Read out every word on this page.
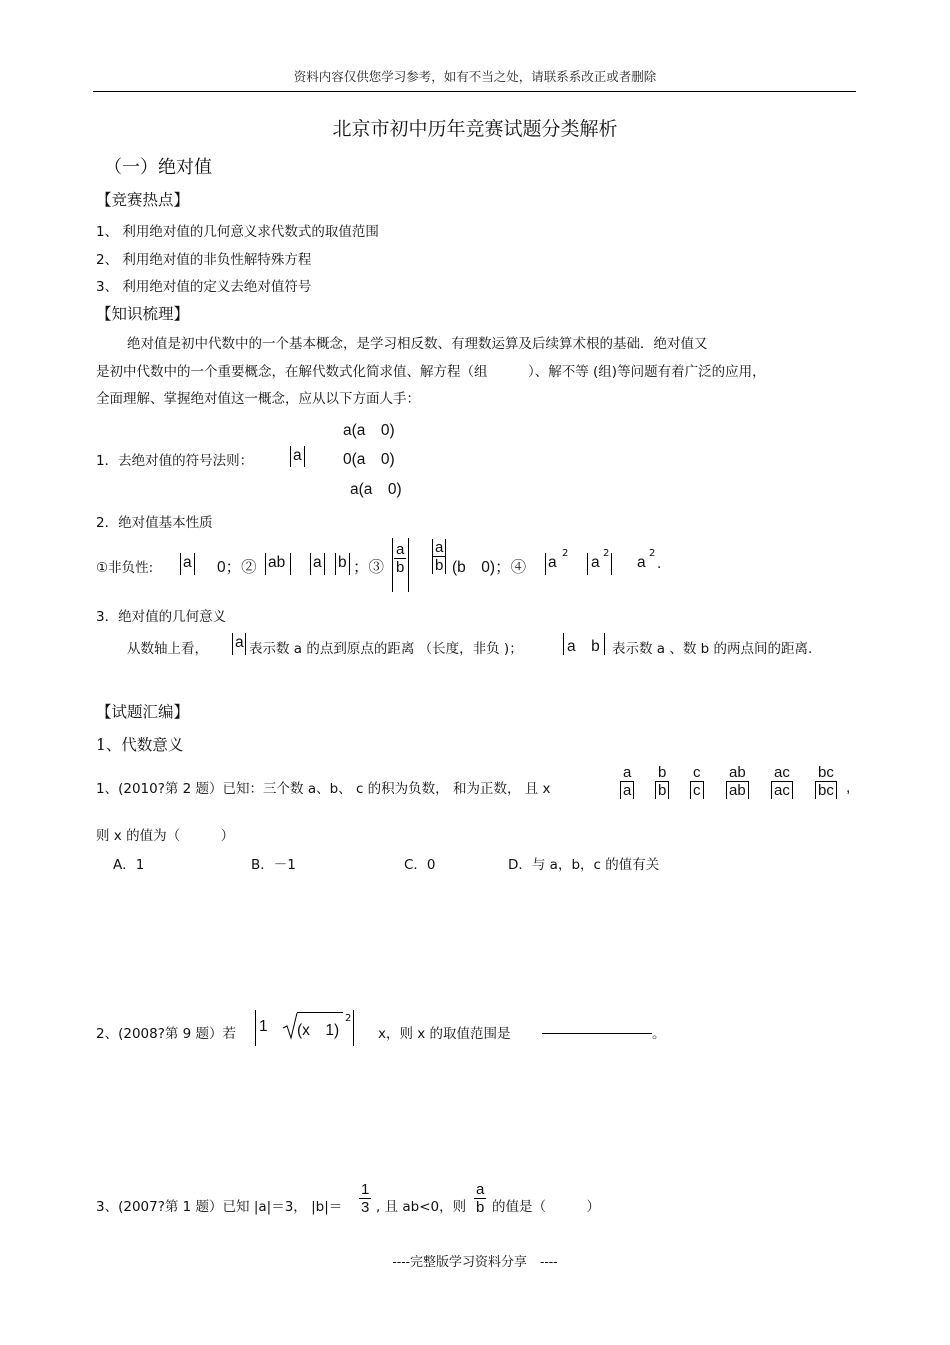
资料内容仅供您学习参考，如有不当之处，请联系系改正或者删除
北京市初中历年竞赛试题分类解析
（一）绝对值
【竞赛热点】
1、 利用绝对值的几何意义求代数式的取值范围
2、 利用绝对值的非负性解特殊方程
3、 利用绝对值的定义去绝对值符号
【知识梳理】
绝对值是初中代数中的一个基本概念，是学习相反数、有理数运算及后续算术根的基础．绝对值又
是初中代数中的一个重要概念，在解代数式化简求值、解方程（组　　　）、解不等 (组)等问题有着广泛的应用，
全面理解、掌握绝对值这一概念，应从以下方面人手：
1．去绝对值的符号法则：	a
a(a　0)
0(a　0)
a(a　0)
2．绝对值基本性质
①非负性: a 0；② ab a b ；③ $\frac{a}{b} \frac{a}{b} (b$　0)；④ a
2
a
2
a
2
.
3．绝对值的几何意义
从数轴上看， a 表示数 a 的点到原点的距离 （长度，非负 )；	a　b 表示数 a 、数 b 的两点间的距离.
【试题汇编】
1、代数意义
1、(2010?第 2 题）已知：三个数 a、b、 c 的积为负数， 和为正数， 且 x	$\frac{a}{a} \frac{b}{b} \frac{c}{c} \frac{ab}{ab} \frac{ac}{ac} \frac{bc}{bc}$ ,
则 x 的值为（　　　）
A．1	B．－1	C．0	D．与 a，b，c 的值有关
2、(2008?第 9 题）若 1 (x　1)
2
x，则 x 的取值范围是	。
3、(2007?第 1 题）已知 |a|＝3， $|b|= \frac{1}{3}$ , 且 ab<0，则 $\frac{a}{b}$ 的值是（　　　）
----完整版学习资料分享　----
